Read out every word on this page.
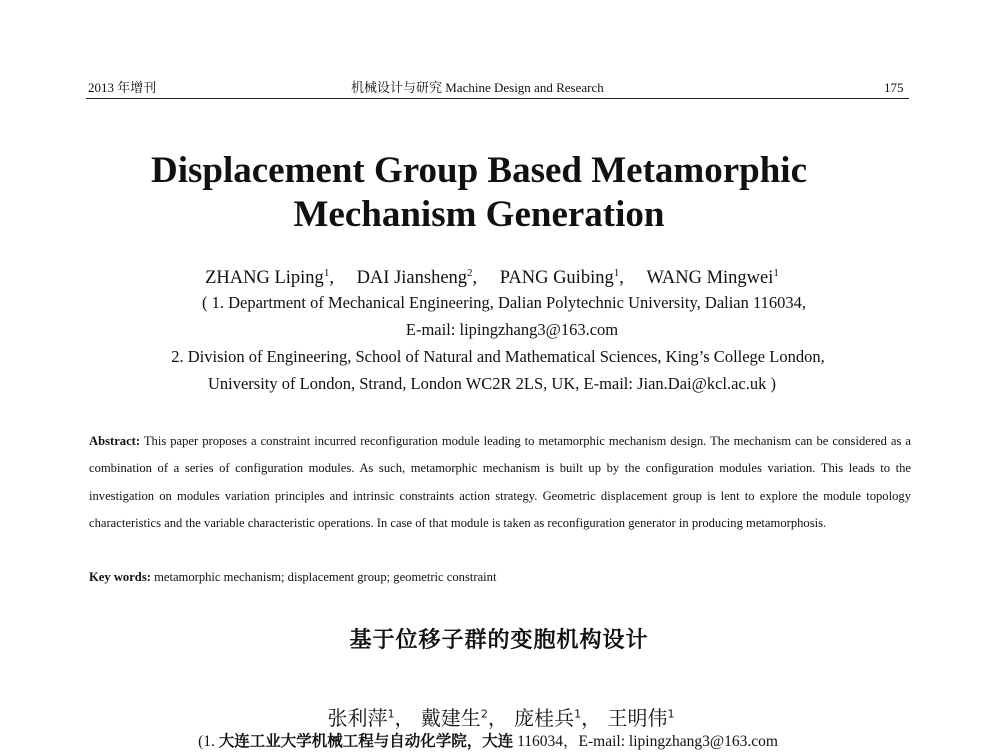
2013 年增刊	机械设计与研究 Machine Design and Research	175
Displacement Group Based Metamorphic
Mechanism Generation
ZHANG Liping$^1$, DAI Jiansheng$^2$, PANG Guibing$^1$, WANG Mingwei$^1$
( 1. Department of Mechanical Engineering, Dalian Polytechnic University, Dalian 116034,
E-mail: lipingzhang3@163.com
2. Division of Engineering, School of Natural and Mathematical Sciences, King’s College London,
University of London, Strand, London WC2R 2LS, UK, E-mail: Jian.Dai@kcl.ac.uk )
Abstract: This paper proposes a constraint incurred reconfiguration module leading to metamorphic mechanism design. The mechanism can be considered as a combination of a series of configuration modules. As such, metamorphic mechanism is built up by the configuration modules variation. This leads to the investigation on modules variation principles and intrinsic constraints action strategy. Geometric displacement group is lent to explore the module topology characteristics and the variable characteristic operations. In case of that module is taken as reconfiguration generator in producing metamorphosis.
Key words: metamorphic mechanism; displacement group; geometric constraint
基于位移子群的变胞机构设计
张利萍$^1$， 戴建生$^2$， 庞桂兵$^1$， 王明伟$^1$
(1. 大连工业大学机械工程与自动化学院，大连 116034，E-mail: lipingzhang3@163.com
